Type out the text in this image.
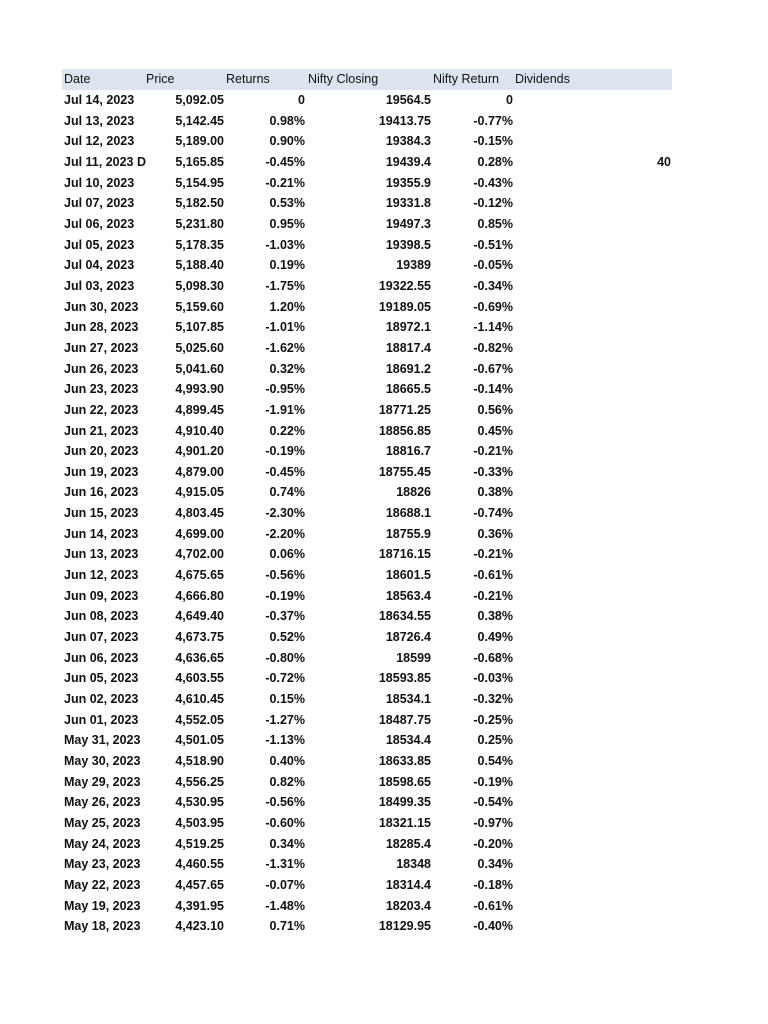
Date	Price	Returns	Nifty Closing	Nifty Return	Dividends
Jul 14, 2023	5,092.05	0	19564.5	0
Jul 13, 2023	5,142.45	0.98%	19413.75	-0.77%
Jul 12, 2023	5,189.00	0.90%	19384.3	-0.15%
Jul 11, 2023 D	5,165.85	-0.45%	19439.4	0.28%	40
Jul 10, 2023	5,154.95	-0.21%	19355.9	-0.43%
Jul 07, 2023	5,182.50	0.53%	19331.8	-0.12%
Jul 06, 2023	5,231.80	0.95%	19497.3	0.85%
Jul 05, 2023	5,178.35	-1.03%	19398.5	-0.51%
Jul 04, 2023	5,188.40	0.19%	19389	-0.05%
Jul 03, 2023	5,098.30	-1.75%	19322.55	-0.34%
Jun 30, 2023	5,159.60	1.20%	19189.05	-0.69%
Jun 28, 2023	5,107.85	-1.01%	18972.1	-1.14%
Jun 27, 2023	5,025.60	-1.62%	18817.4	-0.82%
Jun 26, 2023	5,041.60	0.32%	18691.2	-0.67%
Jun 23, 2023	4,993.90	-0.95%	18665.5	-0.14%
Jun 22, 2023	4,899.45	-1.91%	18771.25	0.56%
Jun 21, 2023	4,910.40	0.22%	18856.85	0.45%
Jun 20, 2023	4,901.20	-0.19%	18816.7	-0.21%
Jun 19, 2023	4,879.00	-0.45%	18755.45	-0.33%
Jun 16, 2023	4,915.05	0.74%	18826	0.38%
Jun 15, 2023	4,803.45	-2.30%	18688.1	-0.74%
Jun 14, 2023	4,699.00	-2.20%	18755.9	0.36%
Jun 13, 2023	4,702.00	0.06%	18716.15	-0.21%
Jun 12, 2023	4,675.65	-0.56%	18601.5	-0.61%
Jun 09, 2023	4,666.80	-0.19%	18563.4	-0.21%
Jun 08, 2023	4,649.40	-0.37%	18634.55	0.38%
Jun 07, 2023	4,673.75	0.52%	18726.4	0.49%
Jun 06, 2023	4,636.65	-0.80%	18599	-0.68%
Jun 05, 2023	4,603.55	-0.72%	18593.85	-0.03%
Jun 02, 2023	4,610.45	0.15%	18534.1	-0.32%
Jun 01, 2023	4,552.05	-1.27%	18487.75	-0.25%
May 31, 2023	4,501.05	-1.13%	18534.4	0.25%
May 30, 2023	4,518.90	0.40%	18633.85	0.54%
May 29, 2023	4,556.25	0.82%	18598.65	-0.19%
May 26, 2023	4,530.95	-0.56%	18499.35	-0.54%
May 25, 2023	4,503.95	-0.60%	18321.15	-0.97%
May 24, 2023	4,519.25	0.34%	18285.4	-0.20%
May 23, 2023	4,460.55	-1.31%	18348	0.34%
May 22, 2023	4,457.65	-0.07%	18314.4	-0.18%
May 19, 2023	4,391.95	-1.48%	18203.4	-0.61%
May 18, 2023	4,423.10	0.71%	18129.95	-0.40%
